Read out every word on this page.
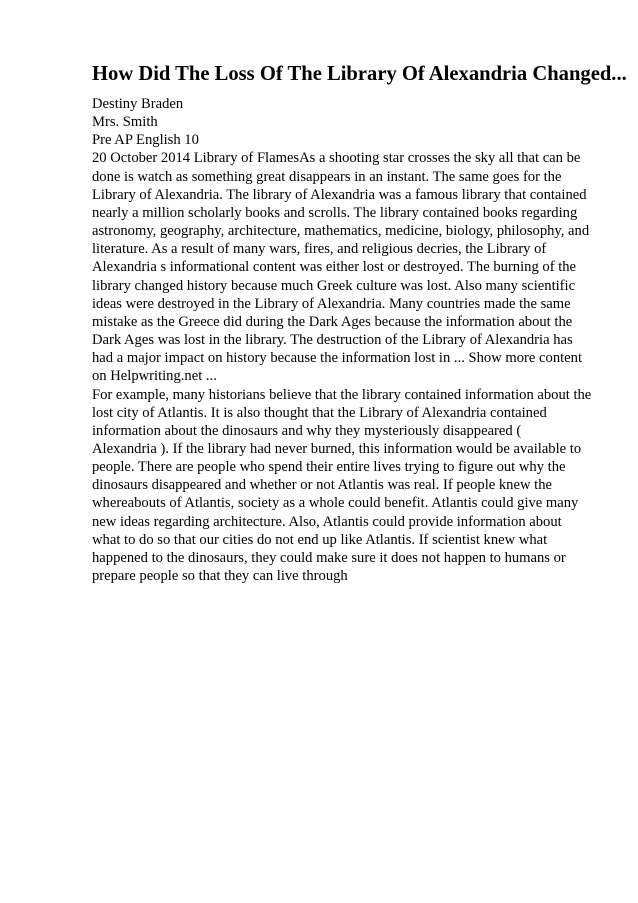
How Did The Loss Of The Library Of Alexandria Changed...
Destiny Braden
Mrs. Smith
Pre AP English 10
20 October 2014 Library of FlamesAs a shooting star crosses the sky all that can be
done is watch as something great disappears in an instant. The same goes for the
Library of Alexandria. The library of Alexandria was a famous library that contained
nearly a million scholarly books and scrolls. The library contained books regarding
astronomy, geography, architecture, mathematics, medicine, biology, philosophy, and
literature. As a result of many wars, fires, and religious decries, the Library of
Alexandria s informational content was either lost or destroyed. The burning of the
library changed history because much Greek culture was lost. Also many scientific
ideas were destroyed in the Library of Alexandria. Many countries made the same
mistake as the Greece did during the Dark Ages because the information about the
Dark Ages was lost in the library. The destruction of the Library of Alexandria has
had a major impact on history because the information lost in ... Show more content
on Helpwriting.net ...
For example, many historians believe that the library contained information about the
lost city of Atlantis. It is also thought that the Library of Alexandria contained
information about the dinosaurs and why they mysteriously disappeared (
Alexandria ). If the library had never burned, this information would be available to
people. There are people who spend their entire lives trying to figure out why the
dinosaurs disappeared and whether or not Atlantis was real. If people knew the
whereabouts of Atlantis, society as a whole could benefit. Atlantis could give many
new ideas regarding architecture. Also, Atlantis could provide information about
what to do so that our cities do not end up like Atlantis. If scientist knew what
happened to the dinosaurs, they could make sure it does not happen to humans or
prepare people so that they can live through
